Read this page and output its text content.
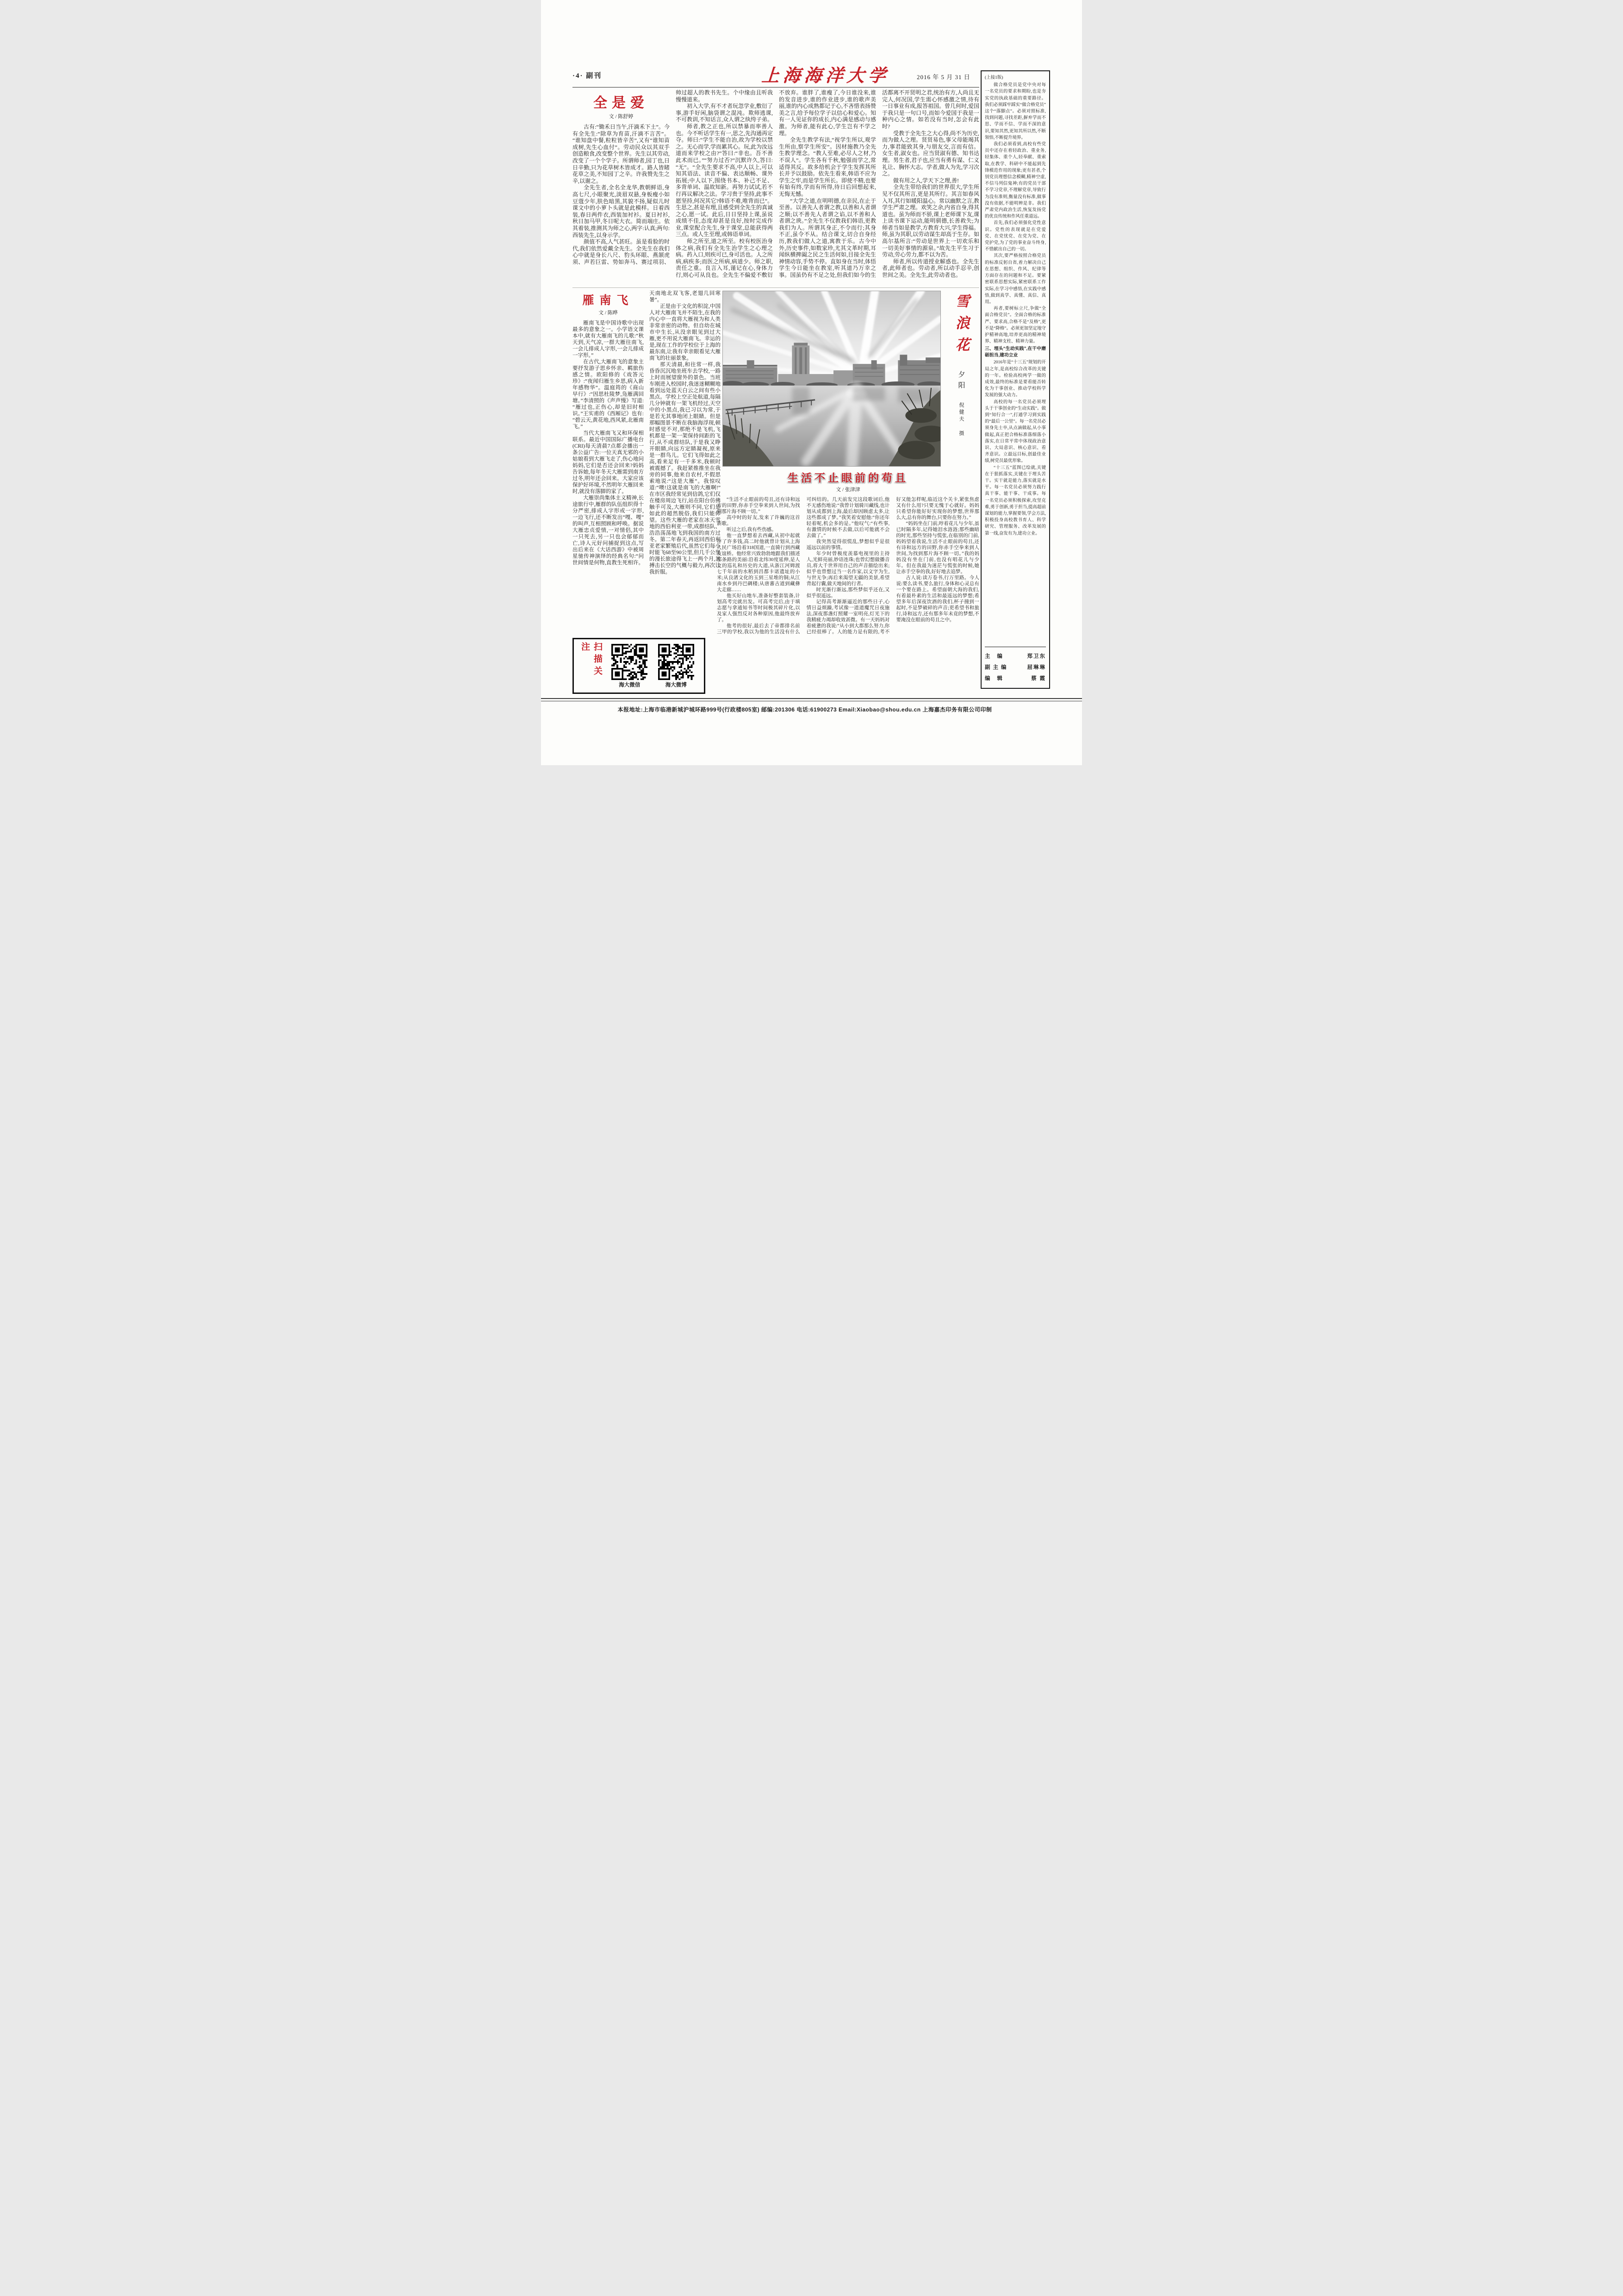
·4· 副刊	上海海洋大学	2016 年 5 月 31 日
全是爱
文 / 陈舒婷

古有:“锄禾日当午,汗滴禾下土”。今有全先生:“除草为育苗,汗滴不言苦”。“谁知盘中餐,粒粒皆辛苦”,又有“谁知苗成树,先生心血付”。劳动民众以其双手创造粮食,改变整个世界。先生以其劳动,改变了一个个学子。所谓师者,园丁也,日日辛勤,只为花草树木皆成才。路人皆睹花草之美,不知园丁之辛。许我赞先生之辛,以谢之。

全先生者,全名全龙华,教朝鲜语,身高七尺,小眼聚光,淡眉双悬,身板瘦小如豆蔻少年,肤色暗黑,其貌不扬,疑似儿时课文中的小萝卜头就是此模样。日着西装,春日两件衣,西装加衬衫。夏日衬衫,秋日加马甲,冬日呢大衣。简而端庄。依其着装,推测其为师之心,两字:认真;两句:西装先生,以身示学。

颜值不高,人气甚旺。虽是看脸的时代,我们依然爱戴全先生。全先生在我们心中就是身长八尺、豹头环眼、燕颔虎须、声若巨雷、势如奔马、赛过项羽、帅过超人的教书先生。个中缘由且听我慢慢道来。

初入大学,有不才者玩忽学业,敷衍了事,游手好闲,脑袋谓之混沌。欺师逃课,不可教训,不知话言,众人谓之纨绔子弟。

师者,教之正也,所以禁暴而率善人也。今不听话学生有一,思之,先沟通再定夺。师曰:“学生不能自治,故为学校以禁之。无心而学,学而累其心。玩,此为汝远道而来学校之由?”答曰:“非也。吾不善此术而已。”“努力过否?”沉默许久,答曰:“无”。“全先生要求不高,中人以上,可以知其语法、读音不偏、表达顺畅、课外拓展;中人以下,围绕书本、补己不足、多背单词、温故知新。再努力试试,若不行再议解决之法。学习贵于坚持,此事不愿坚持,何况其它?韩语不难,唯背而已”。生思之,甚是有理,且感受到全先生的真诚之心,愿一试。此后,日日坚持上课,虽说成绩不佳,态度却甚是良好,按时完成作业,课堂配合先生,身于课堂,总能获得两三点。或人生至理,或韩语单词。

师之所至,道之所至。校有校医治身体之病,我们有全先生治学生之心理之病。药入口,则疾可已,身可活也。人之所病,病疾多;而医之所病,病道少。师之职,责任之重。良言入耳,谨记在心,身体力行,则心可从良也。全先生不偏爱不敷衍不放弃。谁胖了,谁瘦了,今日谁没来,谁的发音进步,谁的作业进步,谁的歌声美丽,谁的内心成熟都记于心,不吝惜表扬赞美之言,给予每位学子以信心和爱心。知有一人见证你的成长,内心满是感动与感激。为师者,能有此心,学生岂有不学之理。

全先生教学有法,“视学生所以,观学生所由,察学生所安”。因材施教乃全先生教学理念。“教人至难,必尽人之材,乃不误人”。学生各有千秋,勉强而学之,常适得其反。故多给机会于学生发挥其所长并予以鼓励。依先生看来,韩语不应为学生之牢,而是学生所长。即使不精,也要有始有终,学而有所得,待日后回想起来,无悔无憾。

“大学之道,在明明德,在亲民,在止于至善。以善先人者谓之教,以善和人者谓之顺;以不善先人者谓之谄,以不善和人者谓之谀。”全先生不仅教我们韩语,更教我们为人。所谓其身正,不令而行;其身不正,虽令不从。结合课文,切合自身经历,教我们做人之道,寓教于乐。古今中外,历史事件,如数家珍,尤其文革时期,耳闻纵横捭阖之民之生活何如,目接全先生神情动容,手势不停。直如身在当时,体悟学生今日能坐在教室,听其道乃万幸之事。国虽仍有不足之处,但我们如今的生活都离不开贤明之君,统治有方,人尚且无完人,何况国,学生需心怀感激之情,待有一日事业有成,报答祖国。曾几何时,爱国于我只是一句口号,而如今爱国于我是一种内心之情。如若没有当时,怎会有此时?

受教于全先生之大心得,尚不为历史,而为做人之理。贤贤易色,事父母能竭其力,事君能致其身,与朋友交,言而有信。女生者,淑女也。应当贤淑有德、知书达理。男生者,君子也,应当有勇有谋、仁义礼让、胸怀大志。学者,做人为先,学习次之。

做有用之人,学天下之理,善!

全先生带给我们的世界很大,学生所见不仅其所言,更是其所行。其言如春风入耳,其行如暖阳温心。常以幽默之言,教学生严肃之理。欢笑之余,内省自身,得其道也。虽为师而不骄,课上老师课下友,课上读书课下运动,能明驯德,长善救失;为师者当如是教学,方教育大兴,学生得福。师,虽为其职,以劳动谋生却高于生存。如高尔基所言:“劳动是世界上一切欢乐和一切美好事情的源泉。”故先生平生习于劳动,劳心劳力,都不以为苦。

师者,所以传道授业解惑也。全先生者,此师者也。劳动者,所以动手忍辛,创世间之美。全先生,此劳动者也。

雁南飞
文 / 陈晔

雁南飞是中国诗歌中出现最多的意象之一。小学语文课本中,就有大雁南飞的儿歌:“秋天到,天气凉,一群大雁往南飞,一会儿排成人字形,一会儿排成一字形。”

在古代,大雁南飞的意象主要抒发游子思乡怀亲、羁旅伤感之情。欧阳修的《戏答元珍》:“夜闻归雁生乡思,病入新年感物华”。温庭筠的《商山早行》:“因思杜陵梦,凫雁满回塘。”李清照的《声声慢》写道:“雁过也,正伤心,却是旧时相识。”王实甫的《西厢记》也有:“碧云天,黄花地,西风紧,北雁南飞。”

当代大雁南飞又和环保相联系。最近中国国际广播电台(CRI)每天清晨7点都会播出一条公益广告:一位天真无邪的小姑娘看到大雁飞走了,伤心地问妈妈,它们是否还会回来?妈妈告诉她,每年冬天大雁需到南方过冬,明年还会回来。大家应该保护好环境,不然明年大雁回来时,就没有落脚的家了。

大雁崇尚集体主义精神,长途旅行中,雁群的队伍组织得十分严密,排成人字形或一字形,一边飞行,还不断发出“嘎、嘎”的叫声,互相照顾和呼唤。据说大雁忠贞爱情,一对情侣,其中一只死去,另一只也会郁郁而亡,诗人元好问捕捉到这点,写出后来在《大话西游》中被周星驰传神演绎的经典名句:“问世间情是何物,直教生死相许。天南地北双飞客,老翅几回寒暑”。

正是由于文化的积淀,中国人对大雁南飞并不陌生,在我的内心中一直将大雁视为和人类非常亲密的动物。但自幼在城市中生长,从没亲眼见到过大雁,更不用说大雁南飞。幸运的是,现在工作的学校位于上海的最东南,让我有幸亲眼看见大雁南飞的壮丽景象。

那天清晨,和往常一样,我昏昏沉沉地坐班车去学校,一路上时而展望窗外的景色。当班车刚进入校园时,我迷迷糊糊地看到远处蓝天白云之间有些小黑点。学校上空正处航道,每隔几分钟就有一架飞机经过,天空中的小黑点,我已习以为常,于是若无其事地闭上眼睛。但是那幅图景不断在我脑海浮现,顿时感觉不对,那绝不是飞机,飞机都是一架一架保持间距的飞行,从不成群结队,于是我又睁开眼睛,向远方定睛凝视,原来是一群鸟儿。它们飞得如此之高,看来足有一千多米,我顿时被震撼了。我赶紧推推坐在我旁的同事,他来自农村,不假思索地说:“这是大雁”。我惊叹道:“噢!这就是南飞的大雁啊!”在市区我经常见到信鸽,它们仅在楼房周边飞行,站在阳台仿佛触手可及,大雁则不同,它们是如此的超然脱俗,我们只能仰望。这些大雁的老家在冰天雪地的西伯利亚一带,成群结队、浩浩荡荡地飞到我国的南方过冬。第二年春天,再返回西伯利亚老家繁殖后代,虽然它们每小时能飞68至90公里,但几千公里的漫长旅途得飞上一两个月,其搏击长空的气概与毅力,再次让我折服。

雪浪花
夕阳
倪健夫 摄
生活不止眼前的苟且
文 / 张津津

“生活不止眼前的苟且,还有诗和远方的田野,你赤手空拳来到人世间,为找到那片海不顾一切。”

高中时的好友,发来了许巍的这首新歌。

听过之后,我有些伤感。

他一直梦想着去西藏,从初中起就存了许多钱,高二时他就曾计划从上海人民广场沿着318国道,一直骑行到西藏友谊桥。他经常兴致勃勃地跟我们描述那条路的美丽:沿着北纬30度延伸,是人文的巡礼和历史的大道,从浙江河姆渡七千年前的水稻到昌都卡诺遗址的小米;从良渚文化的玉到三星堆的铜;从江南水乡到丹巴碉楼;从唐蕃古道到藏彝大走廊……

他买好山地车,准备好整套装备,计划高考完就出发。可高考完后,由于填志愿与拿通知书等时间极其碎片化,以及家人强烈反对各种原因,他最终放弃了。

他考的很好,最后去了帝都排名前三甲的学校,我以为他的生活没有什么可纠结的。几天前发完这段歌词后,他不无感伤地说:“我曾计划骑川藏线,也计划从成都到上海,最后却因顾虑太多,让这些都成了梦。”我笑着安慰他:“你还年轻着呢,机会多的是。”他叹气:“有些事,有激情的时候不去做,以后可能就不会去做了。”

我突然觉得很慌乱,梦想似乎是很遥远以前的事情。

年少时曾极度羡慕电视里的主持人,光鲜亮丽,妙语连珠;也曾幻想做播音员,将大千世界用自己的声音描绘出来;似乎也曾想过当一名作家,以文字为生,与世无争;再后来渴望无疆的美景,希望背起行囊,做天地间的行者。

时光渐行渐远,那些梦似乎还在,又似乎很遥远。

记得高考渐渐逼近的那些日子,心情日益烦躁,考试像一道道魔咒日夜施法,深夜那盏灯照耀一室明亮,灯光下的我精疲力竭却收效甚微。有一天妈妈对着疲惫的我说:“从小到大都那么努力,你已经很棒了。人的能力是有限的,考不好又能怎样呢,临近这个关卡,紧张焦虑又有什么用?只要无愧于心就好。妈妈只希望你能好好实现你的梦想,世界那么大,总有你的舞台,只要你在努力。”

“妈妈坐在门前,哼着花儿与少年,虽已时隔多年,记得她泪水涟涟;那些幽暗的时光,那些坚持与慌张,在临别的门前,妈妈望着我说,生活不止眼前的苟且,还有诗和远方的田野,你赤手空拳来到人世间,为找到那片海不顾一切。”我的妈妈没有坐在门前,也没有唱花儿与少年。但在我最为迷茫与慌张的时候,她让赤手空拳的我,好好地去追梦。

古人说:读万卷书,行万里路。今人说:要么读书,要么旅行,身体和心灵总有一个要在路上。希望面朝大海的我们,有着最朴素的生活和最遥远的梦想;希望多年后深夜饮酒的我们,杯子撞到一起时,不是梦破碎的声音;更希望书和旅行,诗和远方,还有那多年未竟的梦想,不要淹没在眼前的苟且之中。

(上接1版)

做合格党员是党中央对每一名党员的要求和期盼,也是夯实党的执政基础的重要路径。我们必须踩牢踩实“做合格党员”这个“落脚点”。必须对照标准,找到问题,寻找差距,摒弃学而不思、学而不信、学而不深的意识,要知其然,更知其所以然,不断领悟,不断提升境界。

我们必须看到,高校有些党员中还存在着轻政治、重业务,轻集体、重个人,轻奉献、重索取,在教学、科研中不能起到先锋模范作用的现象;更有甚者,个别党员理想信念模糊,精神空虚,不信马列信鬼神;有的党员干部不学习党章,不理解党章,导致行为没有准则,衡量没有标准,做事没有依据,不能明辨是非。我们严肃党内政治生活,恢复发扬党的优良传统和作风任重道远。

首先,我们必须强化党性意识。党性的表现就是在党爱党、在党忧党、在党为党、在党护党,为了党的事业奋斗终身,不惜献出自己的一切。

其次,要严格按照合格党员的标准反躬自省,着力解决自己在思想、组织、作风、纪律等方面存在的问题和不足。要紧密联系思想实际,紧密联系工作实际,在学习中感悟,在实践中感悟,做到真学、真懂、真信、真用。

再者,要树标立尺,争做“全面合格党员”。全面合格的标准严、要求高,合格不是“及格”,更不是“降格”。必须更加坚定地守护精神高地,培养更高的精神境界、精神支柱、精神力量。

三、埋头“生动实践”,在干中磨砺担当,建功立业

2016年是“十三五”规划的开局之年,是高校综合改革的关键的一年。检验高校两学一做的成效,最终的标准是要看能否转化为干事创业、推动学校科学发展的强大动力。

高校的每一名党员必须埋头于干事创业的“生动实践”。做到“知行合一”,打通学习到实践的“最后一公里”。每一名党员必须身先士卒,从点滴做起,从小事做起,真正把合格标准落细落小落实,在日常平常中体现政治意识、大局意识、核心意识、看齐意识。立最远目标,创最佳业绩,树党员最优形象。

“十三五”蓝图已绘就,关键在于狠抓落实,关键在于埋头苦干。实干就是能力,落实就是水平。每一名党员必须努力践行真干事、能干事、干成事。每一名党员必须积极探索,攻坚克难,勇于创新,勇于担当,提高超前谋划的能力,掌握要领,学会方法,积极投身高校教书育人、科学研究、管理服务、改革发展的第一线,奋发有为,建功立业。

主 编	郑卫东
副主编	屈琳琳
编 辑	蔡 霞
扫描关注
海大微信	海大微博
本报地址:上海市临港新城沪城环路999号(行政楼805室) 邮编:201306 电话:61900273 Email:Xiaobao@shou.edu.cn 上海嘉杰印务有限公司印制
